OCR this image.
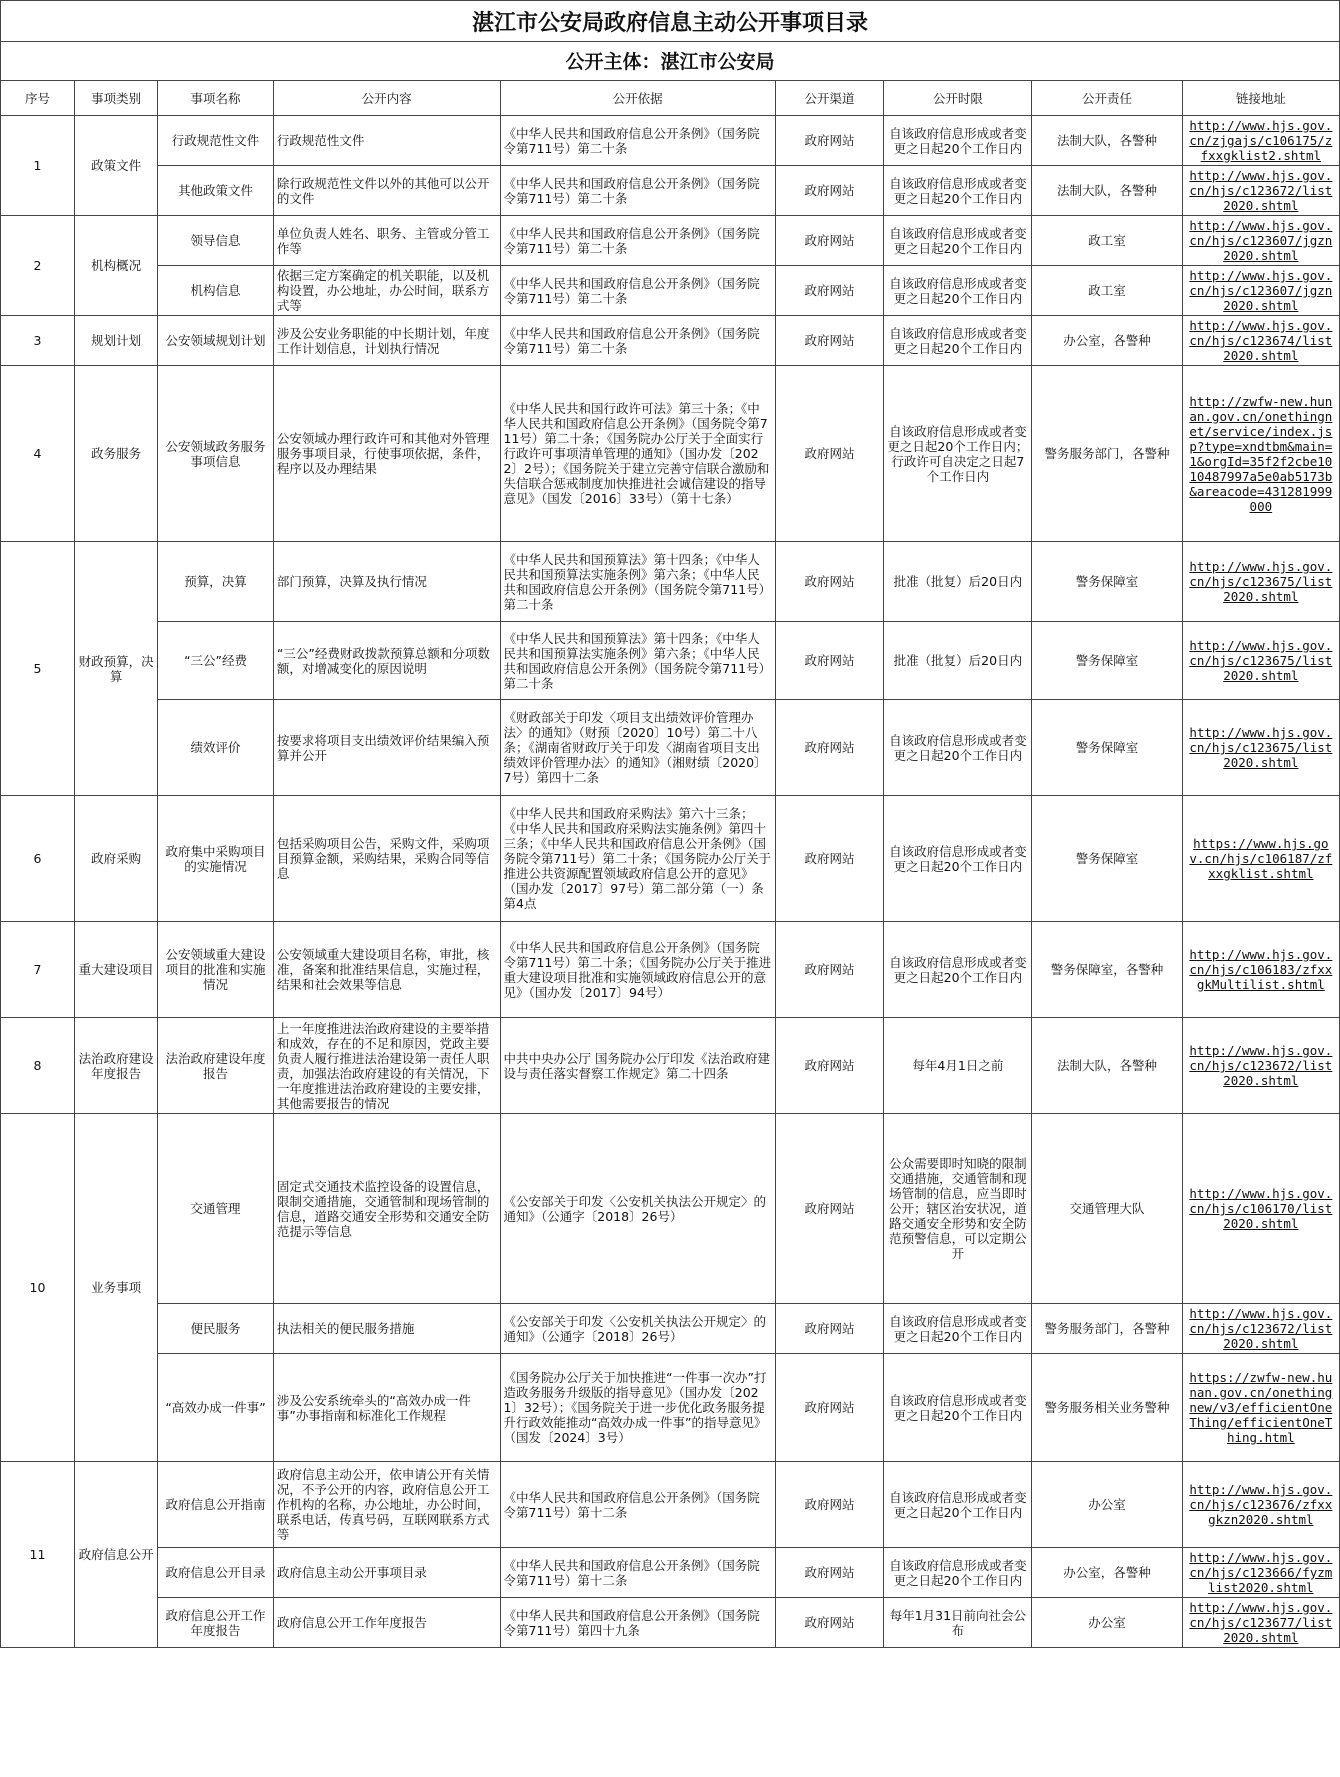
湛江市公安局政府信息主动公开事项目录
公开主体：湛江市公安局
序号	事项类别	事项名称	公开内容	公开依据	公开渠道	公开时限	公开责任	链接地址
1	政策文件	行政规范性文件	行政规范性文件	《中华人民共和国政府信息公开条例》（国务院令第711号）第二十条	政府网站	自该政府信息形成或者变更之日起20个工作日内	法制大队，各警种	http://www.hjs.gov.cn/zjgajs/c106175/zfxxgklist2.shtml
		其他政策文件	除行政规范性文件以外的其他可以公开的文件	《中华人民共和国政府信息公开条例》（国务院令第711号）第二十条	政府网站	自该政府信息形成或者变更之日起20个工作日内	法制大队，各警种	http://www.hjs.gov.cn/hjs/c123672/list2020.shtml
2	机构概况	领导信息	单位负责人姓名、职务、主管或分管工作等	《中华人民共和国政府信息公开条例》（国务院令第711号）第二十条	政府网站	自该政府信息形成或者变更之日起20个工作日内	政工室	http://www.hjs.gov.cn/hjs/c123607/jgzn2020.shtml
		机构信息	依据三定方案确定的机关职能，以及机构设置，办公地址，办公时间，联系方式等	《中华人民共和国政府信息公开条例》（国务院令第711号）第二十条	政府网站	自该政府信息形成或者变更之日起20个工作日内	政工室	http://www.hjs.gov.cn/hjs/c123607/jgzn2020.shtml
3	规划计划	公安领域规划计划	涉及公安业务职能的中长期计划，年度工作计划信息，计划执行情况	《中华人民共和国政府信息公开条例》（国务院令第711号）第二十条	政府网站	自该政府信息形成或者变更之日起20个工作日内	办公室，各警种	http://www.hjs.gov.cn/hjs/c123674/list2020.shtml
4	政务服务	公安领域政务服务事项信息	公安领域办理行政许可和其他对外管理服务事项目录，行使事项依据，条件，程序以及办理结果	《中华人民共和国行政许可法》第三十条；《中华人民共和国政府信息公开条例》（国务院令第711号）第二十条；《国务院办公厅关于全面实行行政许可事项清单管理的通知》（国办发〔2022〕2号）；《国务院关于建立完善守信联合激励和失信联合惩戒制度加快推进社会诚信建设的指导意见》（国发〔2016〕33号）（第十七条）	政府网站	自该政府信息形成或者变更之日起20个工作日内；行政许可自决定之日起7个工作日内	警务服务部门，各警种	http://zwfw-new.hunan.gov.cn/onethingnet/service/index.jsp?type=xndtbm&main=1&orgId=35f2f2cbe1010487997a5e0ab5173b&areacode=431281999000
5	财政预算，决算	预算，决算	部门预算，决算及执行情况	《中华人民共和国预算法》第十四条；《中华人民共和国预算法实施条例》第六条；《中华人民共和国政府信息公开条例》（国务院令第711号）第二十条	政府网站	批准（批复）后20日内	警务保障室	http://www.hjs.gov.cn/hjs/c123675/list2020.shtml
		“三公”经费	“三公”经费财政拨款预算总额和分项数额，对增减变化的原因说明	《中华人民共和国预算法》第十四条；《中华人民共和国预算法实施条例》第六条；《中华人民共和国政府信息公开条例》（国务院令第711号）第二十条	政府网站	批准（批复）后20日内	警务保障室	http://www.hjs.gov.cn/hjs/c123675/list2020.shtml
		绩效评价	按要求将项目支出绩效评价结果编入预算并公开	《财政部关于印发〈项目支出绩效评价管理办法〉的通知》（财预〔2020〕10号）第二十八条；《湖南省财政厅关于印发〈湖南省项目支出绩效评价管理办法〉的通知》（湘财绩〔2020〕7号）第四十二条	政府网站	自该政府信息形成或者变更之日起20个工作日内	警务保障室	http://www.hjs.gov.cn/hjs/c123675/list2020.shtml
6	政府采购	政府集中采购项目的实施情况	包括采购项目公告，采购文件，采购项目预算金额，采购结果，采购合同等信息	《中华人民共和国政府采购法》第六十三条；《中华人民共和国政府采购法实施条例》第四十三条；《中华人民共和国政府信息公开条例》（国务院令第711号）第二十条；《国务院办公厅关于推进公共资源配置领域政府信息公开的意见》（国办发〔2017〕97号）第二部分第（一）条第4点	政府网站	自该政府信息形成或者变更之日起20个工作日内	警务保障室	https://www.hjs.gov.cn/hjs/c106187/zfxxgklist.shtml
7	重大建设项目	公安领域重大建设项目的批准和实施情况	公安领域重大建设项目名称，审批，核准，备案和批准结果信息，实施过程，结果和社会效果等信息	《中华人民共和国政府信息公开条例》（国务院令第711号）第二十条；《国务院办公厅关于推进重大建设项目批准和实施领域政府信息公开的意见》（国办发〔2017〕94号）	政府网站	自该政府信息形成或者变更之日起20个工作日内	警务保障室，各警种	http://www.hjs.gov.cn/hjs/c106183/zfxxgkMultilist.shtml
8	法治政府建设年度报告	法治政府建设年度报告	上一年度推进法治政府建设的主要举措和成效，存在的不足和原因，党政主要负责人履行推进法治建设第一责任人职责，加强法治政府建设的有关情况，下一年度推进法治政府建设的主要安排，其他需要报告的情况	中共中央办公厅 国务院办公厅印发《法治政府建设与责任落实督察工作规定》第二十四条	政府网站	每年4月1日之前	法制大队，各警种	http://www.hjs.gov.cn/hjs/c123672/list2020.shtml
10	业务事项	交通管理	固定式交通技术监控设备的设置信息，限制交通措施，交通管制和现场管制的信息，道路交通安全形势和交通安全防范提示等信息	《公安部关于印发〈公安机关执法公开规定〉的通知》（公通字〔2018〕26号）	政府网站	公众需要即时知晓的限制交通措施，交通管制和现场管制的信息，应当即时公开；辖区治安状况，道路交通安全形势和安全防范预警信息，可以定期公开	交通管理大队	http://www.hjs.gov.cn/hjs/c106170/list2020.shtml
		便民服务	执法相关的便民服务措施	《公安部关于印发〈公安机关执法公开规定〉的通知》（公通字〔2018〕26号）	政府网站	自该政府信息形成或者变更之日起20个工作日内	警务服务部门，各警种	http://www.hjs.gov.cn/hjs/c123672/list2020.shtml
		“高效办成一件事”	涉及公安系统牵头的“高效办成一件事”办事指南和标准化工作规程	《国务院办公厅关于加快推进“一件事一次办”打造政务服务升级版的指导意见》（国办发〔2021〕32号）；《国务院关于进一步优化政务服务提升行政效能推动“高效办成一件事”的指导意见》（国发〔2024〕3号）	政府网站	自该政府信息形成或者变更之日起20个工作日内	警务服务相关业务警种	https://zwfw-new.hunan.gov.cn/onethingnew/v3/efficientOneThing/efficientOneThing.html
11	政府信息公开	政府信息公开指南	政府信息主动公开，依申请公开有关情况，不予公开的内容，政府信息公开工作机构的名称，办公地址，办公时间，联系电话，传真号码，互联网联系方式等	《中华人民共和国政府信息公开条例》（国务院令第711号）第十二条	政府网站	自该政府信息形成或者变更之日起20个工作日内	办公室	http://www.hjs.gov.cn/hjs/c123676/zfxxgkzn2020.shtml
		政府信息公开目录	政府信息主动公开事项目录	《中华人民共和国政府信息公开条例》（国务院令第711号）第十二条	政府网站	自该政府信息形成或者变更之日起20个工作日内	办公室，各警种	http://www.hjs.gov.cn/hjs/c123666/fyzmlist2020.shtml
		政府信息公开工作年度报告	政府信息公开工作年度报告	《中华人民共和国政府信息公开条例》（国务院令第711号）第四十九条	政府网站	每年1月31日前向社会公布	办公室	http://www.hjs.gov.cn/hjs/c123677/list2020.shtml
